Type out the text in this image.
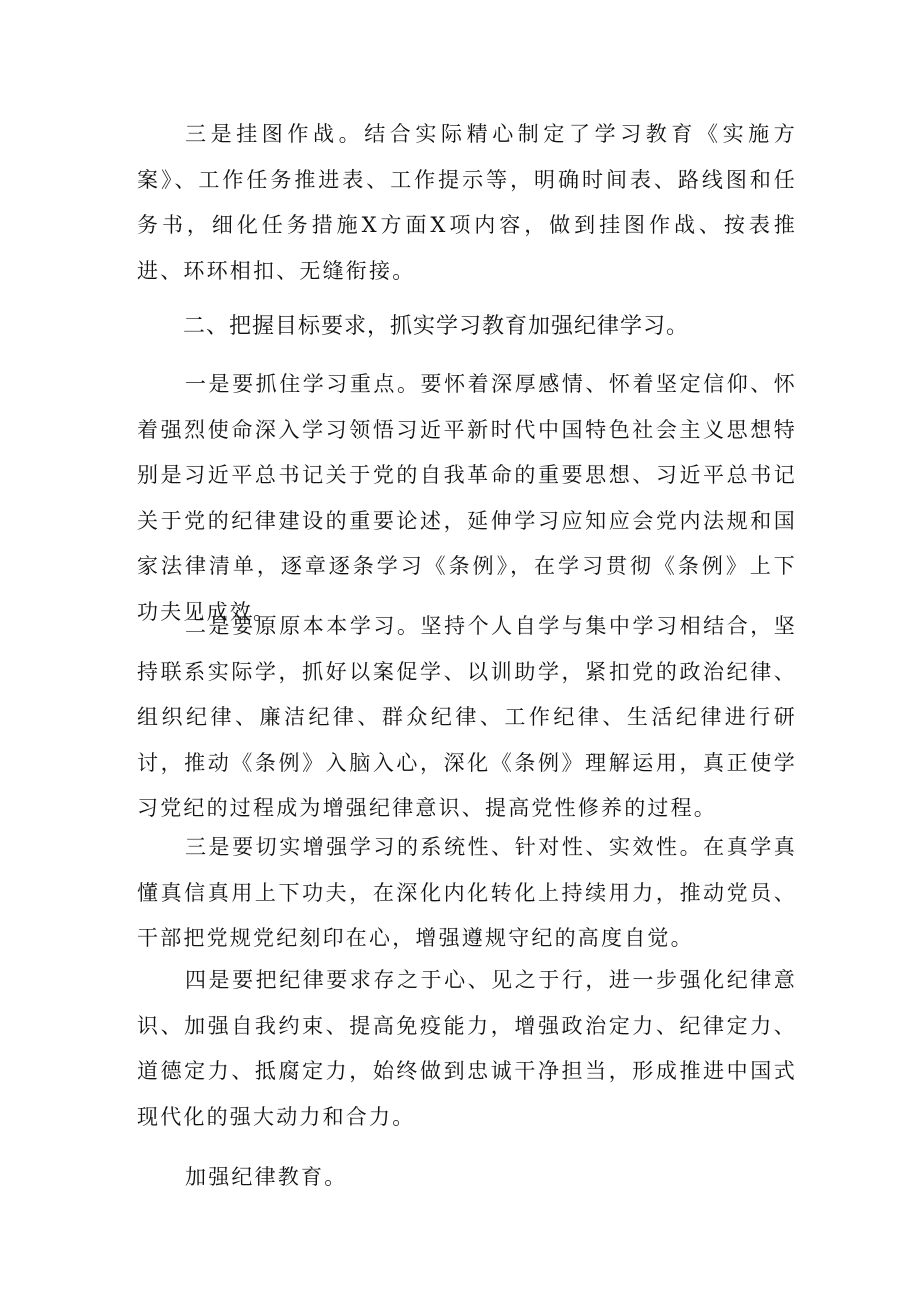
三是挂图作战。结合实际精心制定了学习教育《实施方案》、工作任务推进表、工作提示等，明确时间表、路线图和任务书，细化任务措施X方面X项内容，做到挂图作战、按表推进、环环相扣、无缝衔接。

二、把握目标要求，抓实学习教育加强纪律学习。

一是要抓住学习重点。要怀着深厚感情、怀着坚定信仰、怀着强烈使命深入学习领悟习近平新时代中国特色社会主义思想特别是习近平总书记关于党的自我革命的重要思想、习近平总书记关于党的纪律建设的重要论述，延伸学习应知应会党内法规和国家法律清单，逐章逐条学习《条例》，在学习贯彻《条例》上下功夫见成效。

二是要原原本本学习。坚持个人自学与集中学习相结合，坚持联系实际学，抓好以案促学、以训助学，紧扣党的政治纪律、组织纪律、廉洁纪律、群众纪律、工作纪律、生活纪律进行研讨，推动《条例》入脑入心，深化《条例》理解运用，真正使学习党纪的过程成为增强纪律意识、提高党性修养的过程。

三是要切实增强学习的系统性、针对性、实效性。在真学真懂真信真用上下功夫，在深化内化转化上持续用力，推动党员、干部把党规党纪刻印在心，增强遵规守纪的高度自觉。

四是要把纪律要求存之于心、见之于行，进一步强化纪律意识、加强自我约束、提高免疫能力，增强政治定力、纪律定力、道德定力、抵腐定力，始终做到忠诚干净担当，形成推进中国式现代化的强大动力和合力。

加强纪律教育。
